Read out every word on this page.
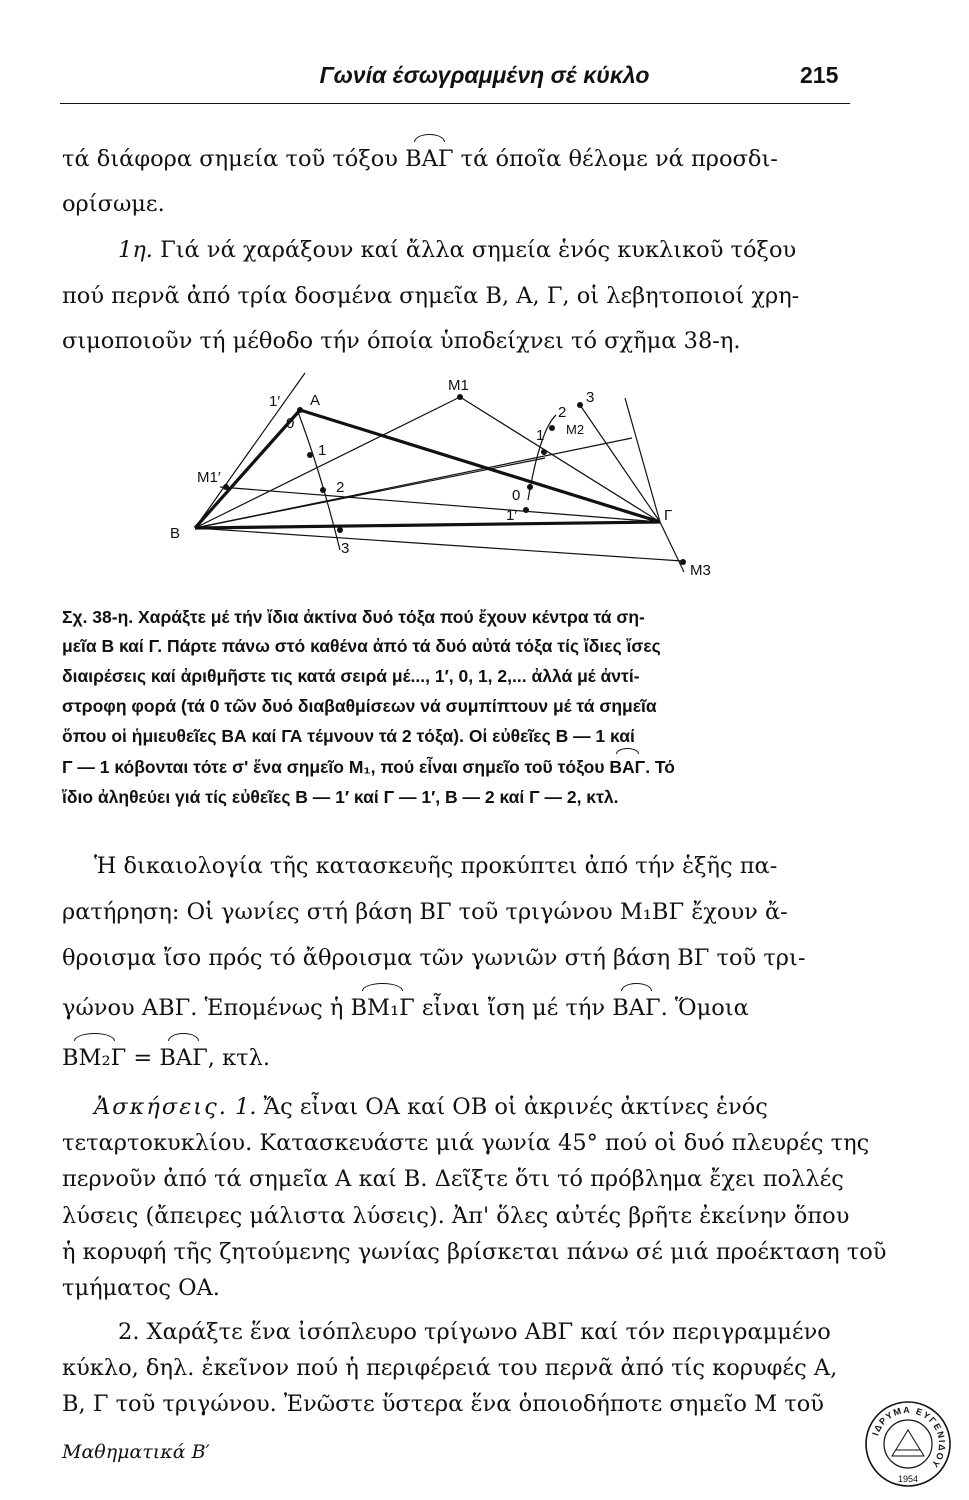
Γωνία έσωγραμμένη σέ κύκλο	215
τά διάφορα σημεία τοῦ τόξου ΒΑΓ τά όποῖα θέλομε νά προσδι-
ορίσωμε.
1η. Γιά νά χαράξουν καί ἄλλα σημεία ἑνός κυκλικοῦ τόξου
πού περνᾶ ἀπό τρία δοσμένα σημεῖα Β, Α, Γ, οἱ λεβητοποιοί χρη-
σιμοποιοῦν τή μέθοδο τήν όποία ὑποδείχνει τό σχῆμα 38-η.
A
B
Γ
M1
M2
M3
M1′
0
1
2
3
1′
0
1
2
3
1′
Σχ. 38-η. Χαράξτε μέ τήν ἴδια ἀκτίνα δυό τόξα πού ἔχουν κέντρα τά ση-
μεῖα Β καί Γ. Πάρτε πάνω στό καθένα ἀπό τά δυό αὐτά τόξα τίς ἴδιες ἴσες
διαιρέσεις καί ἀριθμῆστε τις κατά σειρά μέ..., 1′, 0, 1, 2,... ἀλλά μέ ἀντί-
στροφη φορά (τά 0 τῶν δυό διαβαθμίσεων νά συμπίπτουν μέ τά σημεῖα
ὅπου οἱ ἡμιευθεῖες ΒΑ καί ΓΑ τέμνουν τά 2 τόξα). Οἱ εὐθεῖες Β — 1 καί
Γ — 1 κόβονται τότε σ' ἕνα σημεῖο Μ₁, πού εἶναι σημεῖο τοῦ τόξου ΒΑΓ. Τό
ἴδιο ἀληθεύει γιά τίς εὐθεῖες Β — 1′ καί Γ — 1′, Β — 2 καί Γ — 2, κτλ.
Ἡ δικαιολογία τῆς κατασκευῆς προκύπτει ἀπό τήν ἑξῆς πα-
ρατήρηση: Οἱ γωνίες στή βάση ΒΓ τοῦ τριγώνου Μ₁ΒΓ ἔχουν ἄ-
θροισμα ἴσο πρός τό ἄθροισμα τῶν γωνιῶν στή βάση ΒΓ τοῦ τρι-
γώνου ΑΒΓ. Ἑπομένως ἡ ΒΜ₁Γ εἶναι ἴση μέ τήν ΒΑΓ. Ὅμοια
ΒΜ₂Γ = ΒΑΓ, κτλ.
Ἀσκήσεις. 1. Ἄς εἶναι ΟΑ καί ΟΒ οἱ ἀκρινές ἀκτίνες ἑνός
τεταρτοκυκλίου. Κατασκευάστε μιά γωνία 45° πού οἱ δυό πλευρές της
περνοῦν ἀπό τά σημεῖα Α καί Β. Δεῖξτε ὅτι τό πρόβλημα ἔχει πολλές
λύσεις (ἄπειρες μάλιστα λύσεις). Ἀπ' ὅλες αὐτές βρῆτε ἐκείνην ὅπου
ἡ κορυφή τῆς ζητούμενης γωνίας βρίσκεται πάνω σέ μιά προέκταση τοῦ
τμήματος ΟΑ.
2. Χαράξτε ἕνα ἰσόπλευρο τρίγωνο ΑΒΓ καί τόν περιγραμμένο
κύκλο, δηλ. ἐκεῖνον πού ἡ περιφέρειά του περνᾶ ἀπό τίς κορυφές Α,
Β, Γ τοῦ τριγώνου. Ἐνῶστε ὕστερα ἕνα ὁποιοδήποτε σημεῖο Μ τοῦ
Μαθηματικά Β′
ΙΔΡΥΜΑ ΕΥΓΕΝΙΔΟΥ
1954
